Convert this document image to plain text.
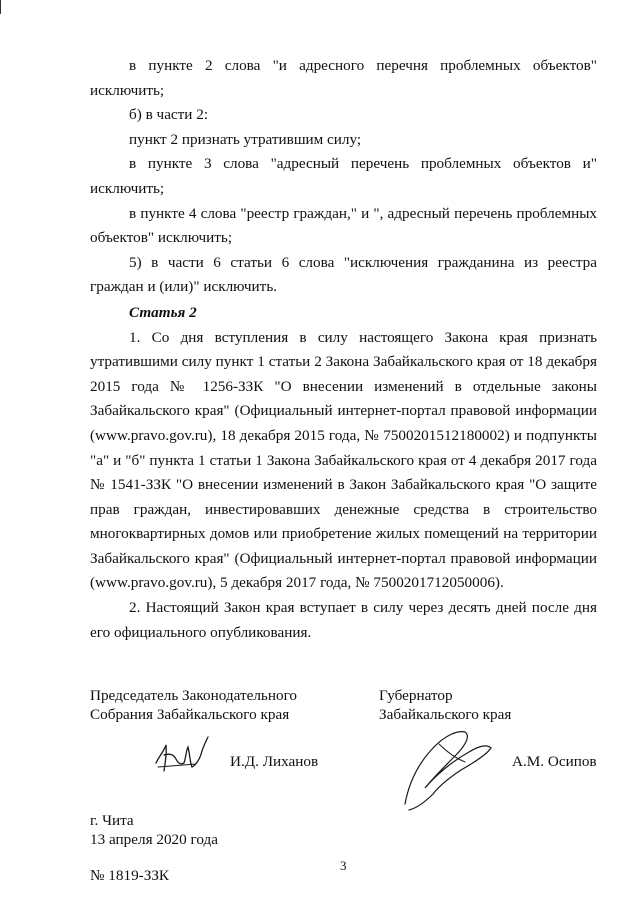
в пункте 2 слова "и адресного перечня проблемных объектов" исключить;

б) в части 2:

пункт 2 признать утратившим силу;

в пункте 3 слова "адресный перечень проблемных объектов и" исключить;

в пункте 4 слова "реестр граждан," и ", адресный перечень проблемных объектов" исключить;

5) в части 6 статьи 6 слова "исключения гражданина из реестра граждан и (или)" исключить.

Статья 2

1. Со дня вступления в силу настоящего Закона края признать утратившими силу пункт 1 статьи 2 Закона Забайкальского края от 18 декабря 2015 года № 1256-ЗЗК "О внесении изменений в отдельные законы Забайкальского края" (Официальный интернет-портал правовой информации (www.pravo.gov.ru), 18 декабря 2015 года, № 7500201512180002) и подпункты "а" и "б" пункта 1 статьи 1 Закона Забайкальского края от 4 декабря 2017 года № 1541-ЗЗК "О внесении изменений в Закон Забайкальского края "О защите прав граждан, инвестировавших денежные средства в строительство многоквартирных домов или приобретение жилых помещений на территории Забайкальского края" (Официальный интернет-портал правовой информации (www.pravo.gov.ru), 5 декабря 2017 года, № 7500201712050006).

2. Настоящий Закон края вступает в силу через десять дней после дня его официального опубликования.

Председатель Законодательного
Собрания Забайкальского края
И.Д. Лиханов
Губернатор
Забайкальского края
А.М. Осипов
г. Чита
13 апреля 2020 года
3
№ 1819-ЗЗК
